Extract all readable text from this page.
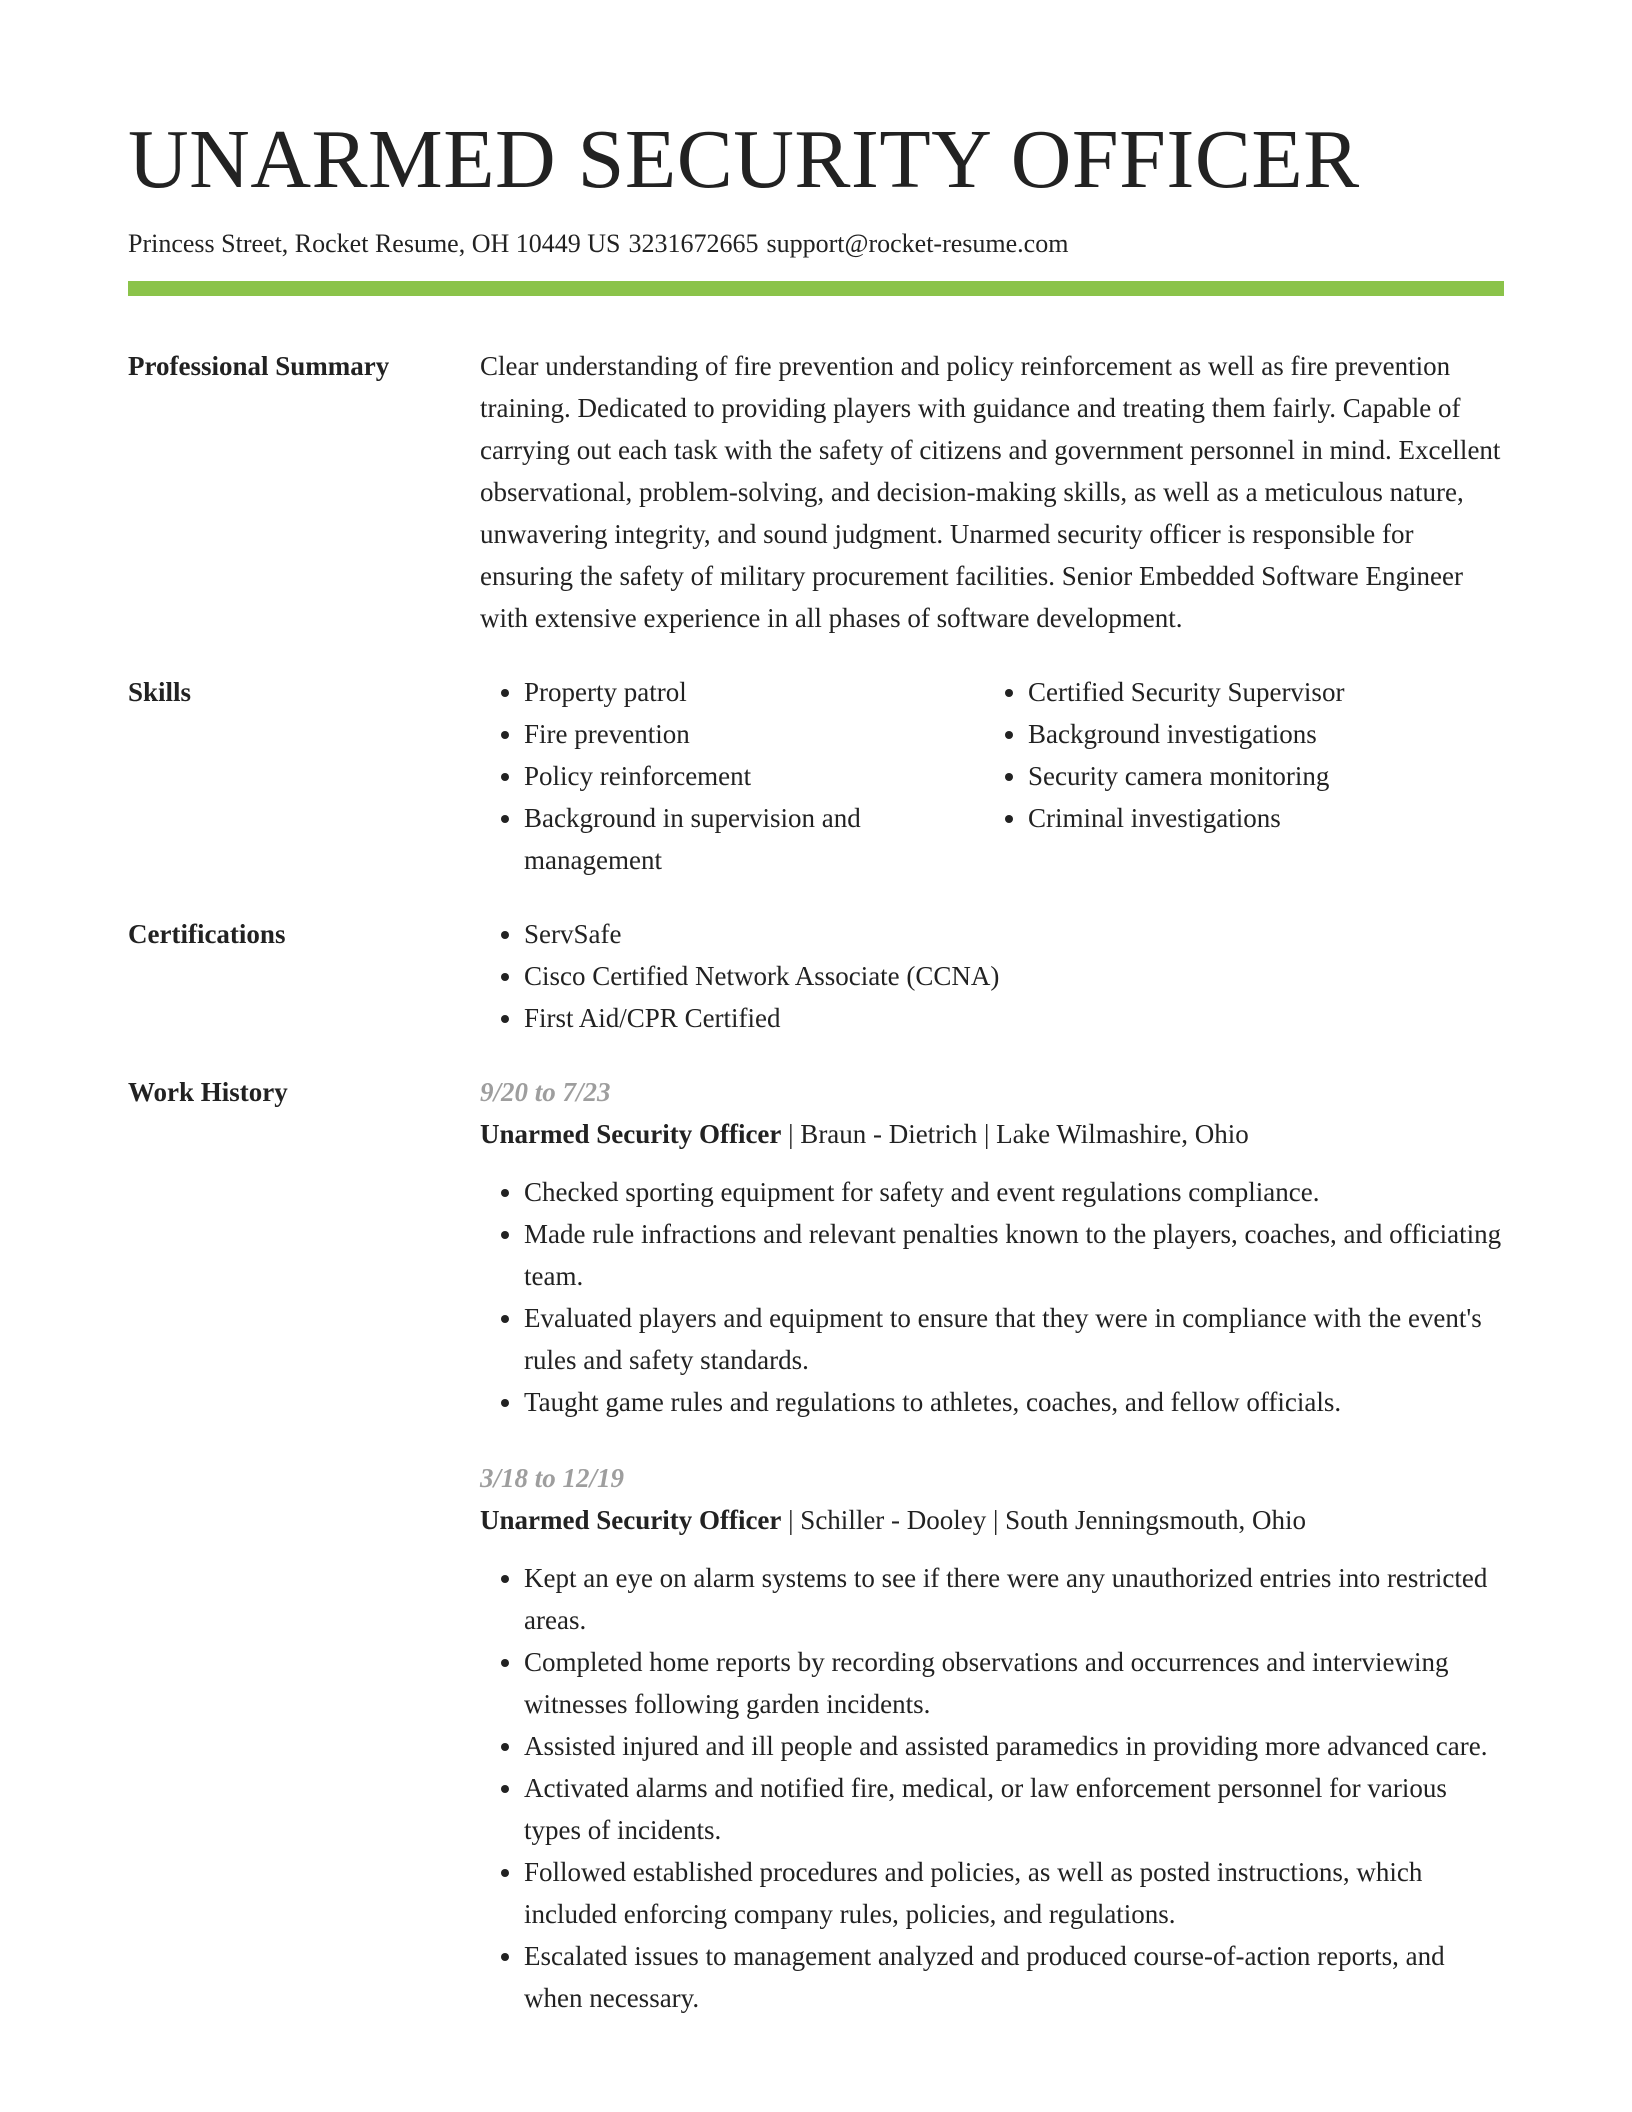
UNARMED SECURITY OFFICER
Princess Street, Rocket Resume, OH 10449 US 3231672665 support@rocket-resume.com
Professional Summary	Clear understanding of fire prevention and policy reinforcement as well as fire prevention training. Dedicated to providing players with guidance and treating them fairly. Capable of carrying out each task with the safety of citizens and government personnel in mind. Excellent observational, problem-solving, and decision-making skills, as well as a meticulous nature, unwavering integrity, and sound judgment. Unarmed security officer is responsible for ensuring the safety of military procurement facilities. Senior Embedded Software Engineer with extensive experience in all phases of software development.
Skills	• Property patrol
• Fire prevention
• Policy reinforcement
• Background in supervision and management
• Certified Security Supervisor
• Background investigations
• Security camera monitoring
• Criminal investigations
Certifications	• ServSafe
• Cisco Certified Network Associate (CCNA)
• First Aid/CPR Certified
Work History	9/20 to 7/23
Unarmed Security Officer | Braun - Dietrich | Lake Wilmashire, Ohio
• Checked sporting equipment for safety and event regulations compliance.
• Made rule infractions and relevant penalties known to the players, coaches, and officiating team.
• Evaluated players and equipment to ensure that they were in compliance with the event's rules and safety standards.
• Taught game rules and regulations to athletes, coaches, and fellow officials.
3/18 to 12/19
Unarmed Security Officer | Schiller - Dooley | South Jenningsmouth, Ohio
• Kept an eye on alarm systems to see if there were any unauthorized entries into restricted areas.
• Completed home reports by recording observations and occurrences and interviewing witnesses following garden incidents.
• Assisted injured and ill people and assisted paramedics in providing more advanced care.
• Activated alarms and notified fire, medical, or law enforcement personnel for various types of incidents.
• Followed established procedures and policies, as well as posted instructions, which included enforcing company rules, policies, and regulations.
• Escalated issues to management analyzed and produced course-of-action reports, and when necessary.
